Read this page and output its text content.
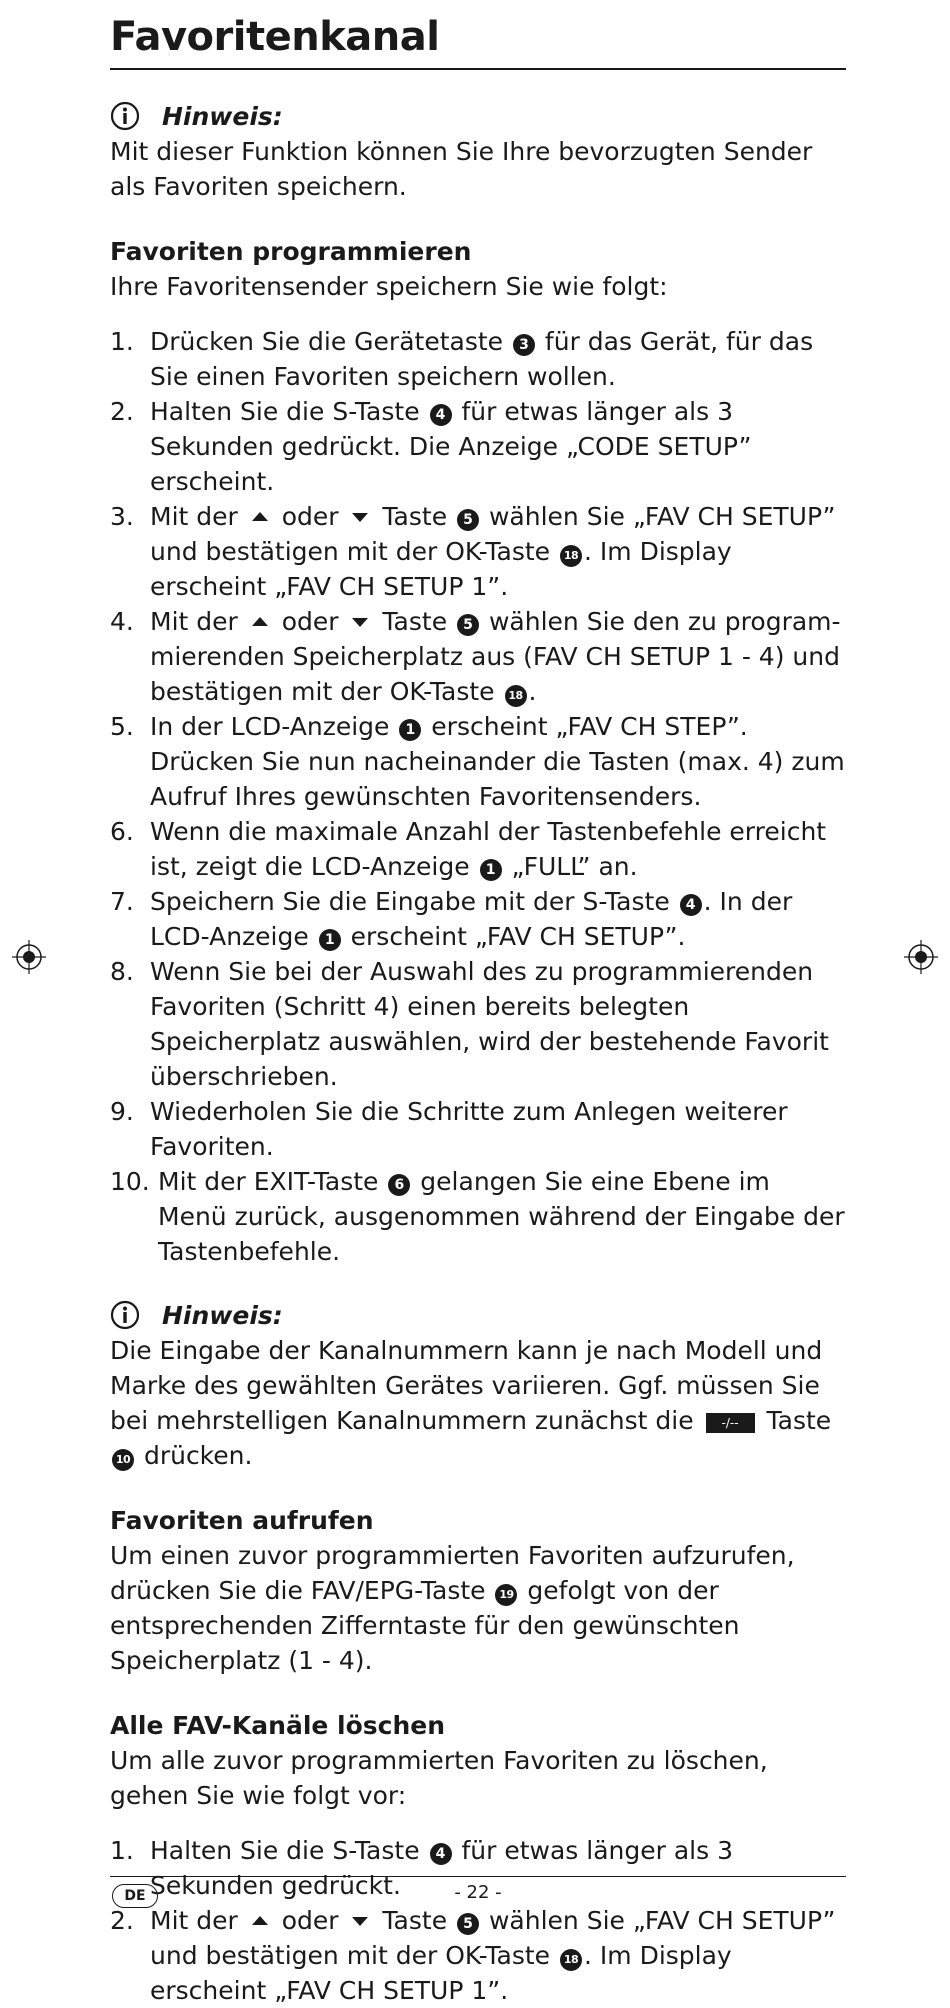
Favoritenkanal
Hinweis:

Mit dieser Funktion können Sie Ihre bevorzugten Sender als Favoriten speichern.

Favoriten programmieren

Ihre Favoritensender speichern Sie wie folgt:

1. Drücken Sie die Gerätetaste 3 für das Gerät, für das Sie einen Favoriten speichern wollen.
2. Halten Sie die S-Taste 4 für etwas länger als 3 Sekunden gedrückt. Die Anzeige „CODE SETUP” erscheint.
3. Mit der  oder  Taste 5 wählen Sie „FAV CH SETUP” und bestätigen mit der OK-Taste 18 . Im Display erscheint „FAV CH SETUP 1”.
4. Mit der  oder  Taste 5 wählen Sie den zu programmierenden Speicherplatz aus (FAV CH SETUP 1 - 4) und bestätigen mit der OK-Taste 18 .
5. In der LCD-Anzeige 1 erscheint „FAV CH STEP”. Drücken Sie nun nacheinander die Tasten (max. 4) zum Aufruf Ihres gewünschten Favoritensenders.
6. Wenn die maximale Anzahl der Tastenbefehle erreicht ist, zeigt die LCD-Anzeige 1 „FULL” an.
7. Speichern Sie die Eingabe mit der S-Taste 4 . In der LCD-Anzeige 1 erscheint „FAV CH SETUP”.
8. Wenn Sie bei der Auswahl des zu programmierenden Favoriten (Schritt 4) einen bereits belegten Speicherplatz auswählen, wird der bestehende Favorit überschrieben.
9. Wiederholen Sie die Schritte zum Anlegen weiterer Favoriten.
10. Mit der EXIT-Taste 6 gelangen Sie eine Ebene im Menü zurück, ausgenommen während der Eingabe der Tastenbefehle.
Hinweis:

Die Eingabe der Kanalnummern kann je nach Modell und Marke des gewählten Gerätes variieren. Ggf. müssen Sie bei mehrstelligen Kanalnummern zunächst die -/-- Taste 10 drücken.

Favoriten aufrufen

Um einen zuvor programmierten Favoriten aufzurufen, drücken Sie die FAV/EPG-Taste 19 gefolgt von der entsprechenden Zifferntaste für den gewünschten Speicherplatz (1 - 4).

Alle FAV-Kanäle löschen

Um alle zuvor programmierten Favoriten zu löschen, gehen Sie wie folgt vor:

1. Halten Sie die S-Taste 4 für etwas länger als 3 Sekunden gedrückt.
2. Mit der  oder  Taste 5 wählen Sie „FAV CH SETUP” und bestätigen mit der OK-Taste 18 . Im Display erscheint „FAV CH SETUP 1”.
DE	- 22 -
